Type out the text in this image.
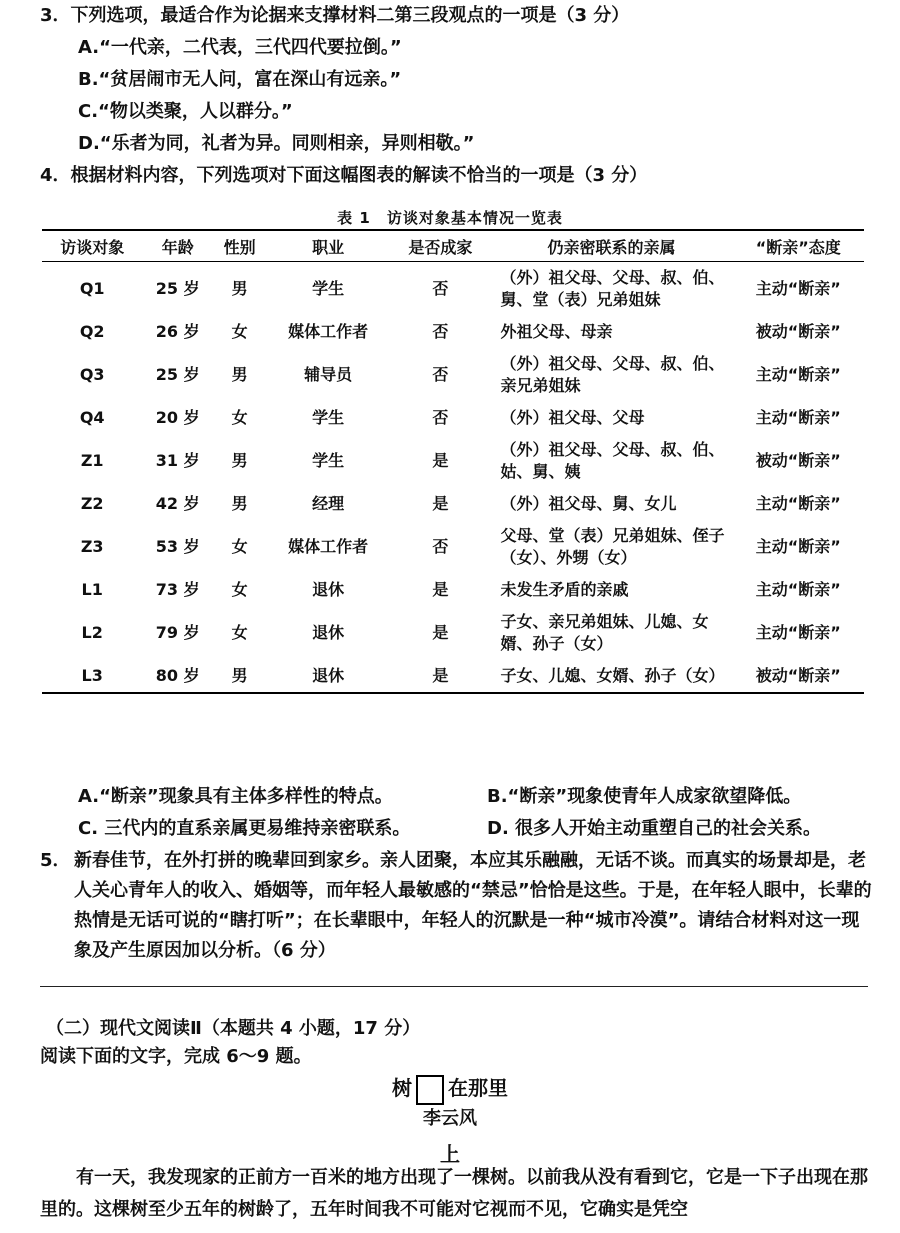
3．下列选项，最适合作为论据来支撑材料二第三段观点的一项是（3 分）
A.“一代亲，二代表，三代四代要拉倒。”
B.“贫居闹市无人问，富在深山有远亲。”
C.“物以类聚，人以群分。”
D.“乐者为同，礼者为异。同则相亲，异则相敬。”
4．根据材料内容，下列选项对下面这幅图表的解读不恰当的一项是（3 分）
表 1　访谈对象基本情况一览表
访谈对象	年龄	性别	职业	是否成家	仍亲密联系的亲属	“断亲”态度
Q1	25 岁	男	学生	否	（外）祖父母、父母、叔、伯、舅、堂（表）兄弟姐妹	主动“断亲”
Q2	26 岁	女	媒体工作者	否	外祖父母、母亲	被动“断亲”
Q3	25 岁	男	辅导员	否	（外）祖父母、父母、叔、伯、亲兄弟姐妹	主动“断亲”
Q4	20 岁	女	学生	否	（外）祖父母、父母	主动“断亲”
Z1	31 岁	男	学生	是	（外）祖父母、父母、叔、伯、姑、舅、姨	被动“断亲”
Z2	42 岁	男	经理	是	（外）祖父母、舅、女儿	主动“断亲”
Z3	53 岁	女	媒体工作者	否	父母、堂（表）兄弟姐妹、侄子（女）、外甥（女）	主动“断亲”
L1	73 岁	女	退休	是	未发生矛盾的亲戚	主动“断亲”
L2	79 岁	女	退休	是	子女、亲兄弟姐妹、儿媳、女婿、孙子（女）	主动“断亲”
L3	80 岁	男	退休	是	子女、儿媳、女婿、孙子（女）	被动“断亲”
A.“断亲”现象具有主体多样性的特点。	B.“断亲”现象使青年人成家欲望降低。
C. 三代内的直系亲属更易维持亲密联系。	D. 很多人开始主动重塑自己的社会关系。
5． 新春佳节，在外打拼的晚辈回到家乡。亲人团聚，本应其乐融融，无话不谈。而真实的场景却是，老人关心青年人的收入、婚姻等，而年轻人最敏感的“禁忌”恰恰是这些。于是，在年轻人眼中，长辈的热情是无话可说的“瞎打听”；在长辈眼中，年轻人的沉默是一种“城市冷漠”。请结合材料对这一现象及产生原因加以分析。（6 分）
（二）现代文阅读Ⅱ（本题共 4 小题，17 分）
阅读下面的文字，完成 6～9 题。
树 在那里
李云风
上
有一天，我发现家的正前方一百米的地方出现了一棵树。以前我从没有看到它，它是一下子出现在那里的。这棵树至少五年的树龄了，五年时间我不可能对它视而不见，它确实是凭空
